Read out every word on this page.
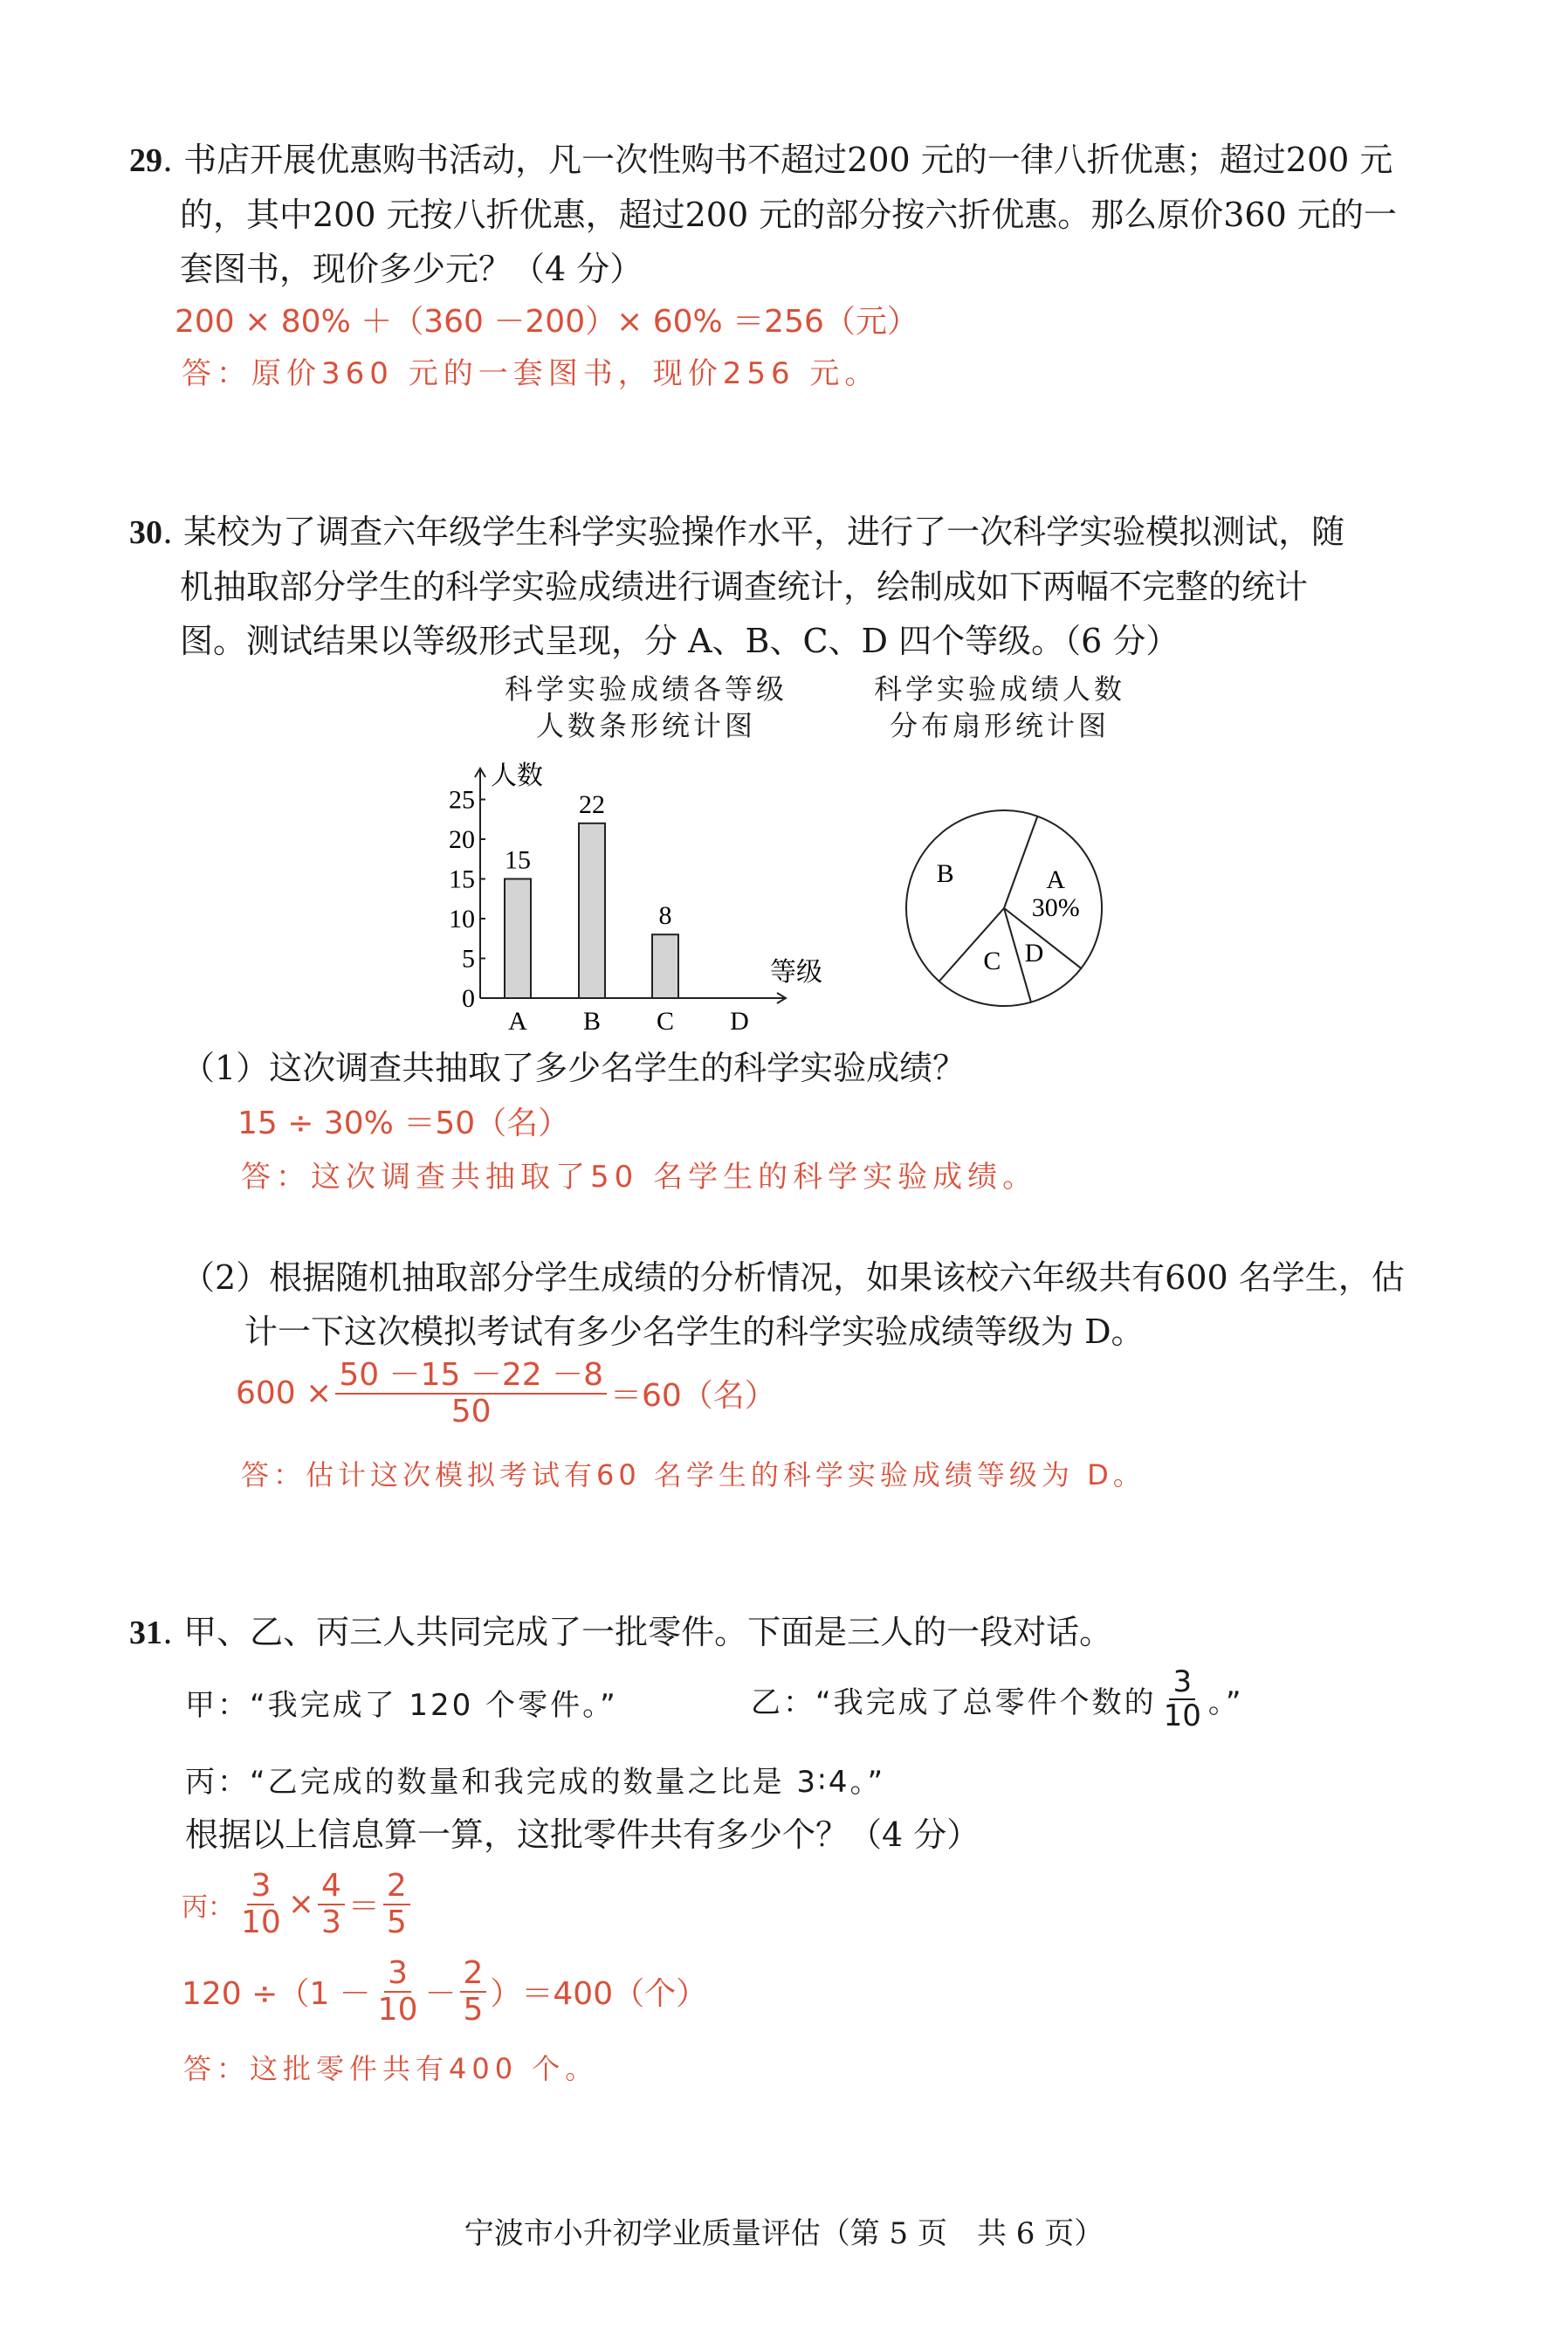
29. 书店开展优惠购书活动，凡一次性购书不超过200 元的一律八折优惠；超过200 元
的，其中200 元按八折优惠，超过200 元的部分按六折优惠。那么原价360 元的一
套图书，现价多少元？（4 分）
200 × 80% ＋（360 －200）× 60% ＝256（元）
答：原价360 元的一套图书，现价256 元。
30. 某校为了调查六年级学生科学实验操作水平，进行了一次科学实验模拟测试，随
机抽取部分学生的科学实验成绩进行调查统计，绘制成如下两幅不完整的统计
图。测试结果以等级形式呈现，分 A、B、C、D 四个等级。（6 分）
科学实验成绩各等级
人数条形统计图
科学实验成绩人数
分布扇形统计图
人数
等级
0
5
10
15
20
25
A
15
B
22
C
8
D
A
30%
D
C
B
（1）这次调查共抽取了多少名学生的科学实验成绩？
15 ÷ 30% ＝50（名）
答：这次调查共抽取了50 名学生的科学实验成绩。
（2）根据随机抽取部分学生成绩的分析情况，如果该校六年级共有600 名学生，估
计一下这次模拟考试有多少名学生的科学实验成绩等级为 D。
$600 \times \frac{50 -15 -22 -8}{50} =60$（名）
答：估计这次模拟考试有60 名学生的科学实验成绩等级为 D。
31. 甲、乙、丙三人共同完成了一批零件。下面是三人的一段对话。
甲：“我完成了 120 个零件。”	乙：“我完成了总零件个数的 $\frac{3}{10}$ 。”
丙：“乙完成的数量和我完成的数量之比是 3∶4。”
根据以上信息算一算，这批零件共有多少个？（4 分）
丙： $\frac{3}{10} \times \frac{4}{3} = \frac{2}{5}$
$120 \div(1 - \frac{3}{10} - \frac{2}{5} )=400$（个）
答：这批零件共有400 个。
宁波市小升初学业质量评估（第 5 页　共 6 页）
